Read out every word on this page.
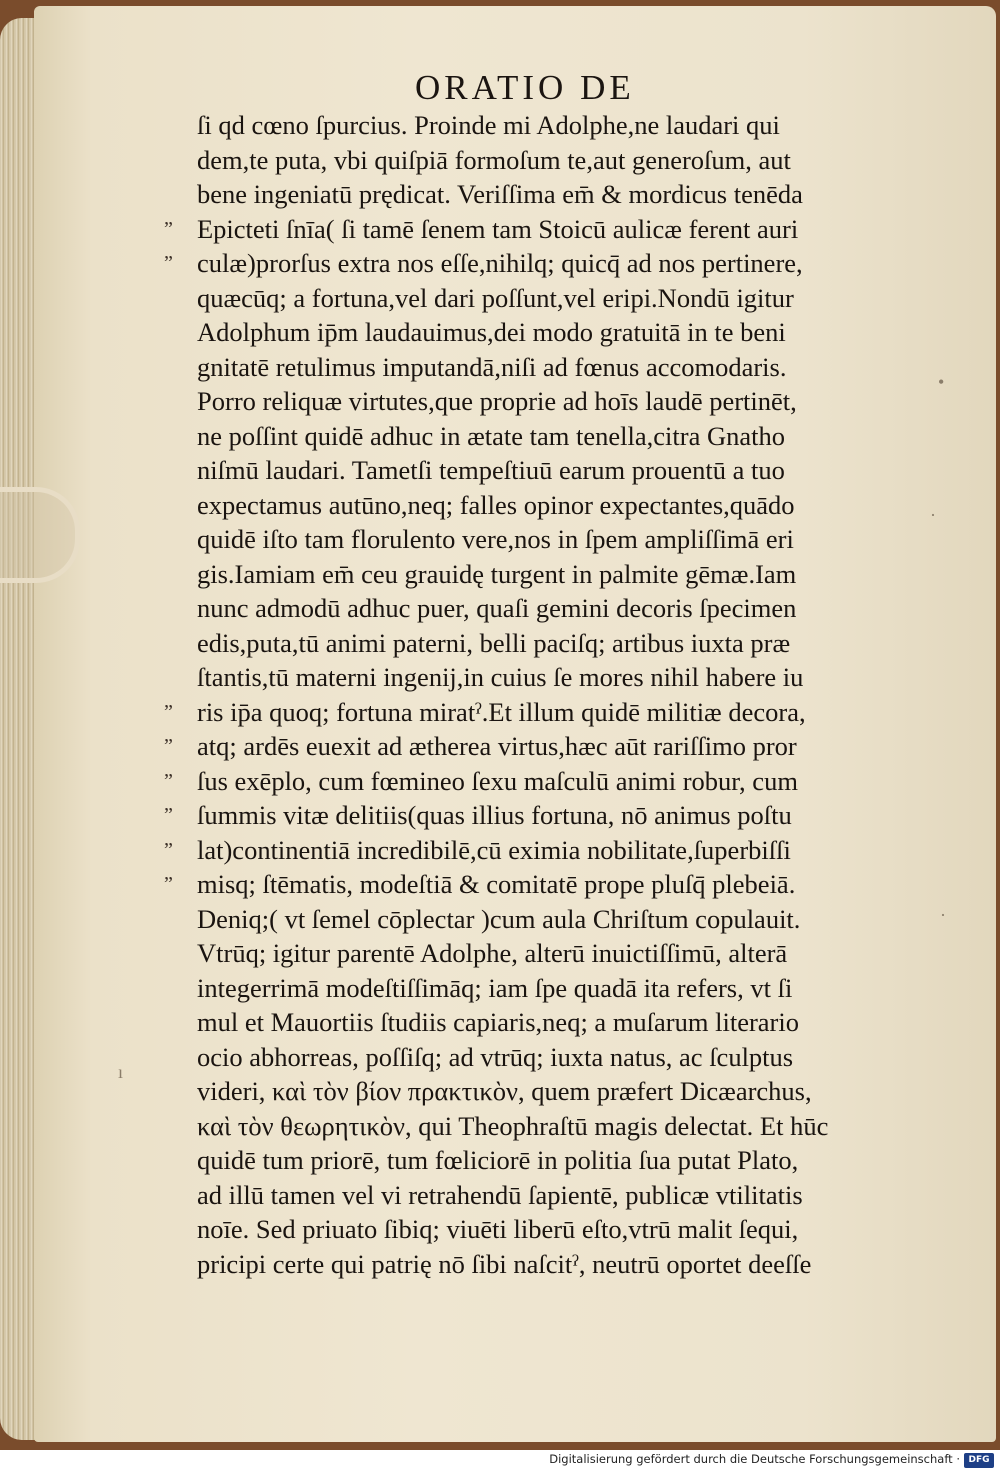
ORATIO DE
ſi qd cœno ſpurcius. Proinde mi Adolphe,ne laudari qui
dem,te puta, vbi quiſpiā formoſum te,aut generoſum, aut
bene ingeniatū prędicat. Veriſſima em̄ & mordicus tenēda
Epicteti ſnīa( ſi tamē ſenem tam Stoicū aulicæ ferent auri
”
culæ)prorſus extra nos eſſe,nihilq; quicq̄ ad nos pertinere,
”
quæcūq; a fortuna,vel dari poſſunt,vel eripi.Nondū igitur
Adolphum ip̄m laudauimus,dei modo gratuitā in te beni
gnitatē retulimus imputandā,niſi ad fœnus accomodaris.
Porro reliquæ virtutes,que proprie ad hoīs laudē pertinēt,
ne poſſint quidē adhuc in ætate tam tenella,citra Gnatho
niſmū laudari. Tametſi tempeſtiuū earum prouentū a tuo
expectamus autūno,neq; falles opinor expectantes,quādo
quidē iſto tam florulento vere,nos in ſpem ampliſſimā eri
gis.Iamiam em̄ ceu grauidę turgent in palmite gēmæ.Iam
nunc admodū adhuc puer, quaſi gemini decoris ſpecimen
edis,puta,tū animi paterni, belli paciſq; artibus iuxta præ
ſtantis,tū materni ingenij,in cuius ſe mores nihil habere iu
ris ip̄a quoq; fortuna miratˀ.Et illum quidē militiæ decora,
”
atq; ardēs euexit ad ætherea virtus,hæc aūt rariſſimo pror
”
ſus exēplo, cum fœmineo ſexu maſculū animi robur, cum
”
ſummis vitæ delitiis(quas illius fortuna, nō animus poſtu
”
lat)continentiā incredibilē,cū eximia nobilitate,ſuperbiſſi
”
misq; ſtēmatis, modeſtiā & comitatē prope pluſq̄ plebeiā.
”
Deniq;( vt ſemel cōplectar )cum aula Chriſtum copulauit.
Vtrūq; igitur parentē Adolphe, alterū inuictiſſimū, alterā
integerrimā modeſtiſſimāq; iam ſpe quadā ita refers, vt ſi
mul et Mauortiis ſtudiis capiaris,neq; a muſarum literario
ocio abhorreas, poſſiſq; ad vtrūq; iuxta natus, ac ſculptus
videri, καὶ τὸν βίον πρακτικὸν, quem præfert Dicæarchus,
καὶ τὸν θεωρητικὸν, qui Theophraſtū magis delectat. Et hūc
quidē tum priorē, tum fœliciorē in politia ſua putat Plato,
ad illū tamen vel vi retrahendū ſapientē, publicæ vtilitatis
noīe. Sed priuato ſibiq; viuēti liberū eſto,vtrū malit ſequi,
pricipi certe qui patrię nō ſibi naſcitˀ, neutrū oportet deeſſe
•
·
·
ı
Digitalisierung gefördert durch die Deutsche Forschungsgemeinschaft · DFG
